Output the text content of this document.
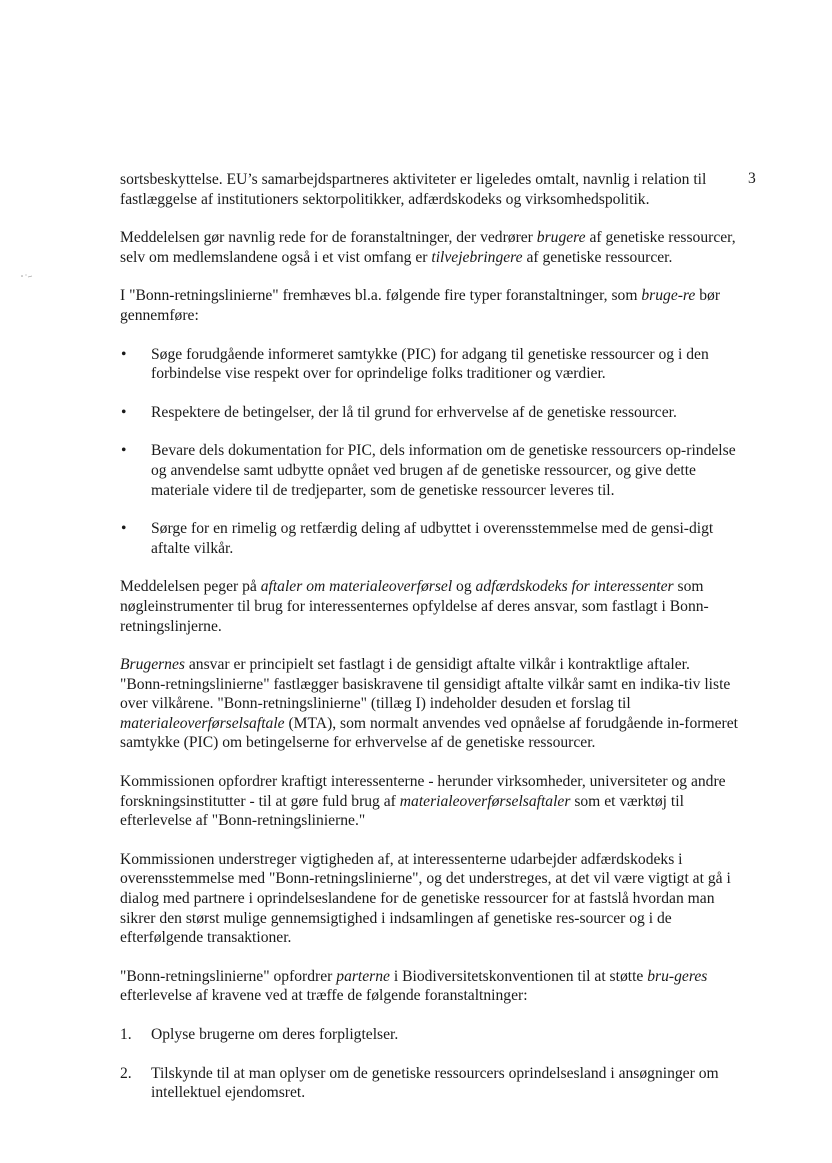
3

sortsbeskyttelse. EU’s samarbejdspartneres aktiviteter er ligeledes omtalt, navnlig i relation til fastlæggelse af institutioners sektorpolitikker, adfærdskodeks og virksomhedspolitik.

Meddelelsen gør navnlig rede for de foranstaltninger, der vedrører brugere af genetiske ressourcer, selv om medlemslandene også i et vist omfang er tilvejebringere af genetiske ressourcer.

I "Bonn-retningslinierne" fremhæves bl.a. følgende fire typer foranstaltninger, som bruge-re bør gennemføre:

• Søge forudgående informeret samtykke (PIC) for adgang til genetiske ressourcer og i den forbindelse vise respekt over for oprindelige folks traditioner og værdier.
• Respektere de betingelser, der lå til grund for erhvervelse af de genetiske ressourcer.
• Bevare dels dokumentation for PIC, dels information om de genetiske ressourcers op-rindelse og anvendelse samt udbytte opnået ved brugen af de genetiske ressourcer, og give dette materiale videre til de tredjeparter, som de genetiske ressourcer leveres til.
• Sørge for en rimelig og retfærdig deling af udbyttet i overensstemmelse med de gensi-digt aftalte vilkår.

Meddelelsen peger på aftaler om materialeoverførsel og adfærdskodeks for interessenter som nøgleinstrumenter til brug for interessenternes opfyldelse af deres ansvar, som fastlagt i Bonn-retningslinjerne.

Brugernes ansvar er principielt set fastlagt i de gensidigt aftalte vilkår i kontraktlige aftaler. "Bonn-retningslinierne" fastlægger basiskravene til gensidigt aftalte vilkår samt en indika-tiv liste over vilkårene. "Bonn-retningslinierne" (tillæg I) indeholder desuden et forslag til materialeoverførselsaftale (MTA), som normalt anvendes ved opnåelse af forudgående in-formeret samtykke (PIC) om betingelserne for erhvervelse af de genetiske ressourcer.

Kommissionen opfordrer kraftigt interessenterne - herunder virksomheder, universiteter og andre forskningsinstitutter - til at gøre fuld brug af materialeoverførselsaftaler som et værktøj til efterlevelse af "Bonn-retningslinierne."

Kommissionen understreger vigtigheden af, at interessenterne udarbejder adfærdskodeks i overensstemmelse med "Bonn-retningslinierne", og det understreges, at det vil være vigtigt at gå i dialog med partnere i oprindelseslandene for de genetiske ressourcer for at fastslå hvordan man sikrer den størst mulige gennemsigtighed i indsamlingen af genetiske res-sourcer og i de efterfølgende transaktioner.

"Bonn-retningslinierne" opfordrer parterne i Biodiversitetskonventionen til at støtte bru-geres efterlevelse af kravene ved at træffe de følgende foranstaltninger:

1. Oplyse brugerne om deres forpligtelser.
2. Tilskynde til at man oplyser om de genetiske ressourcers oprindelsesland i ansøgninger om intellektuel ejendomsret.
